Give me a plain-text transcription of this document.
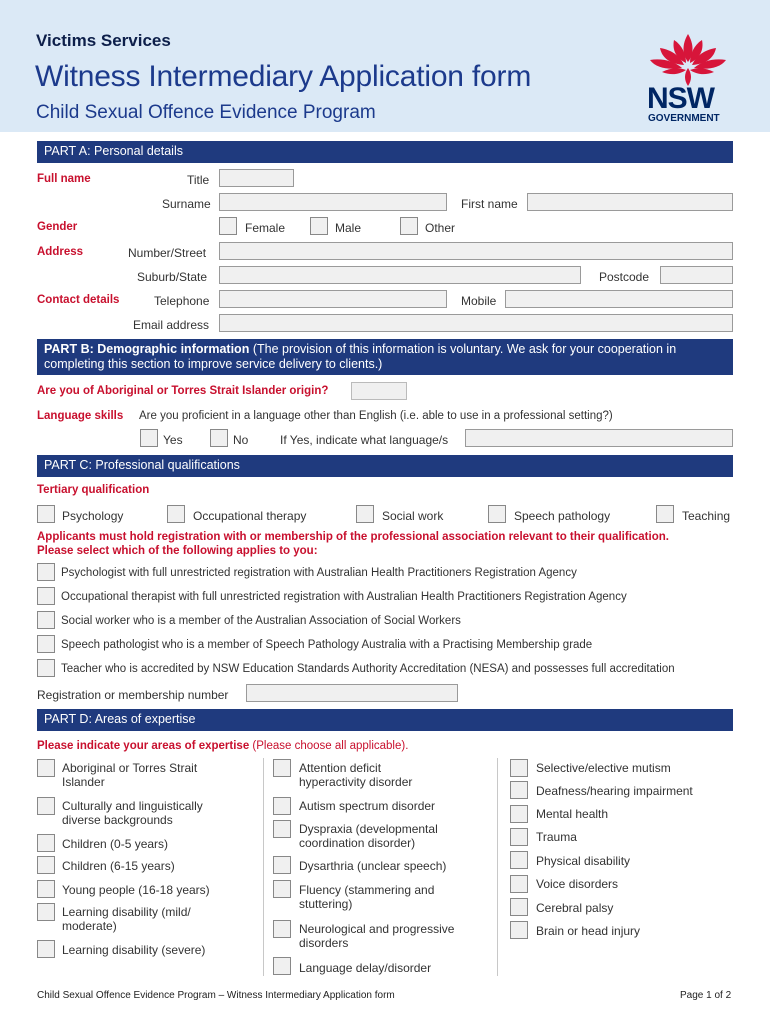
Victims Services
Witness Intermediary Application form
Child Sexual Offence Evidence Program	NSW
GOVERNMENT
PART A: Personal details
Full name	Title
Surname	First name
Gender	Female	Male	Other
Address	Number/Street
Suburb/State	Postcode
Contact details	Telephone	Mobile
Email address
PART B: Demographic information (The provision of this information is voluntary. We ask for your cooperation in
completing this section to improve service delivery to clients.)
Are you of Aboriginal or Torres Strait Islander origin?
Language skills Are you proficient in a language other than English (i.e. able to use in a professional setting?)
Yes	No	If Yes, indicate what language/s
PART C: Professional qualifications
Tertiary qualification
Psychology	Occupational therapy	Social work	Speech pathology	Teaching
Applicants must hold registration with or membership of the professional association relevant to their qualification.
Please select which of the following applies to you:
Psychologist with full unrestricted registration with Australian Health Practitioners Registration Agency
Occupational therapist with full unrestricted registration with Australian Health Practitioners Registration Agency
Social worker who is a member of the Australian Association of Social Workers
Speech pathologist who is a member of Speech Pathology Australia with a Practising Membership grade
Teacher who is accredited by NSW Education Standards Authority Accreditation (NESA) and possesses full accreditation
Registration or membership number
PART D: Areas of expertise
Please indicate your areas of expertise (Please choose all applicable).
Aboriginal or Torres Strait Islander
Culturally and linguistically diverse backgrounds
Children (0-5 years)
Children (6-15 years)
Young people (16-18 years)
Learning disability (mild/ moderate)
Learning disability (severe)
Attention deficit hyperactivity disorder
Autism spectrum disorder
Dyspraxia (developmental coordination disorder)
Dysarthria (unclear speech)
Fluency (stammering and stuttering)
Neurological and progressive disorders
Language delay/disorder
Selective/elective mutism
Deafness/hearing impairment
Mental health
Trauma
Physical disability
Voice disorders
Cerebral palsy
Brain or head injury
Child Sexual Offence Evidence Program – Witness Intermediary Application form	Page 1 of 2
